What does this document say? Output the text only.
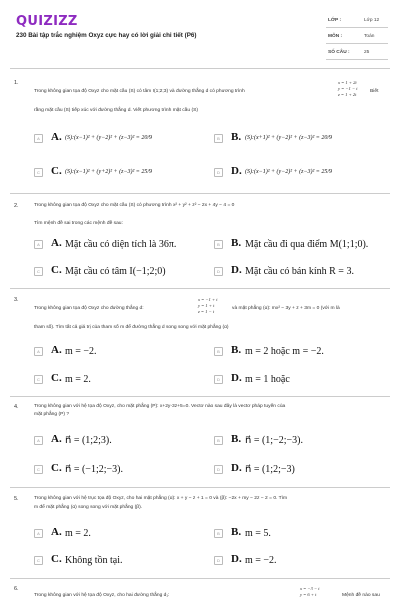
QUIZIZZ
230 Bài tập trắc nghiệm Oxyz cực hay có lời giải chi tiết (P6)
LỚP :	Lớp 12
MÔN :	Toán
SỐ CÂU :	25
1.	x = 1 + 2t
y = −1 − t
z = 1 + 2t
Trong không gian tọa độ Oxyz cho mặt cầu (S) có tâm I(1;2;3) và đường thẳng d có phương trình	Biết
rằng mặt cầu (S) tiếp xúc với đường thẳng d. Viết phương trình mặt cầu (S)
A A. (S):(x−1)² + (y−2)² + (z−3)² = 20/9	B B. (S):(x+1)² + (y−2)² + (z−3)² = 20/9
C C. (S):(x−1)² + (y+2)² + (z−3)² = 25/9	D D. (S):(x−1)² + (y−2)² + (z−3)² = 25/9
2.	Trong không gian tọa độ Oxyz cho mặt cầu (S) có phương trình x² + y² + z² − 2x + 4y − 4 = 0
Tìm mệnh đề sai trong các mệnh đề sau:
A A. Mặt cầu có diện tích là 36π.	B B. Mặt cầu đi qua điểm M(1;1;0).
C C. Mặt cầu có tâm I(−1;2;0)	D D. Mặt cầu có bán kính R = 3.
3.	x = −1 + t
y = 1 + t
z = 1 − t
Trong không gian tọa độ Oxyz cho đường thẳng d:	và mặt phẳng (α): mx² − 3y + z + 3m = 0 (với m là
tham số). Tìm tất cả giá trị của tham số m để đường thẳng d song song với mặt phẳng (α)
A A. m = −2.	B B. m = 2 hoặc m = −2.
C C. m = 2.	D D. m = 1 hoặc
4.	Trong không gian với hệ tọa độ Oxyz, cho mặt phẳng (P): x+2y-3z+5=0. Vectơ nào sau đây là vectơ pháp tuyến của
mặt phẳng (P) ?
A A. n⃗ = (1;2;3).	B B. n⃗ = (1;−2;−3).
C C. n⃗ = (−1;2;−3).	D D. n⃗ = (1;2;−3)
5.	Trong không gian với hệ trục tọa độ Oxyz, cho hai mặt phẳng (α): x + y − z + 1 = 0 và (β): −2x + my − 2z − 2 = 0. Tìm
m để mặt phẳng (α) song song với mặt phẳng (β).
A A. m = 2.	B B. m = 5.
C C. Không tồn tại.	D D. m = −2.
6.	x = −3 − t
y = 6 + t
Trong không gian với hệ tọa độ Oxyz, cho hai đường thẳng d₁:	Mệnh đề nào sau
